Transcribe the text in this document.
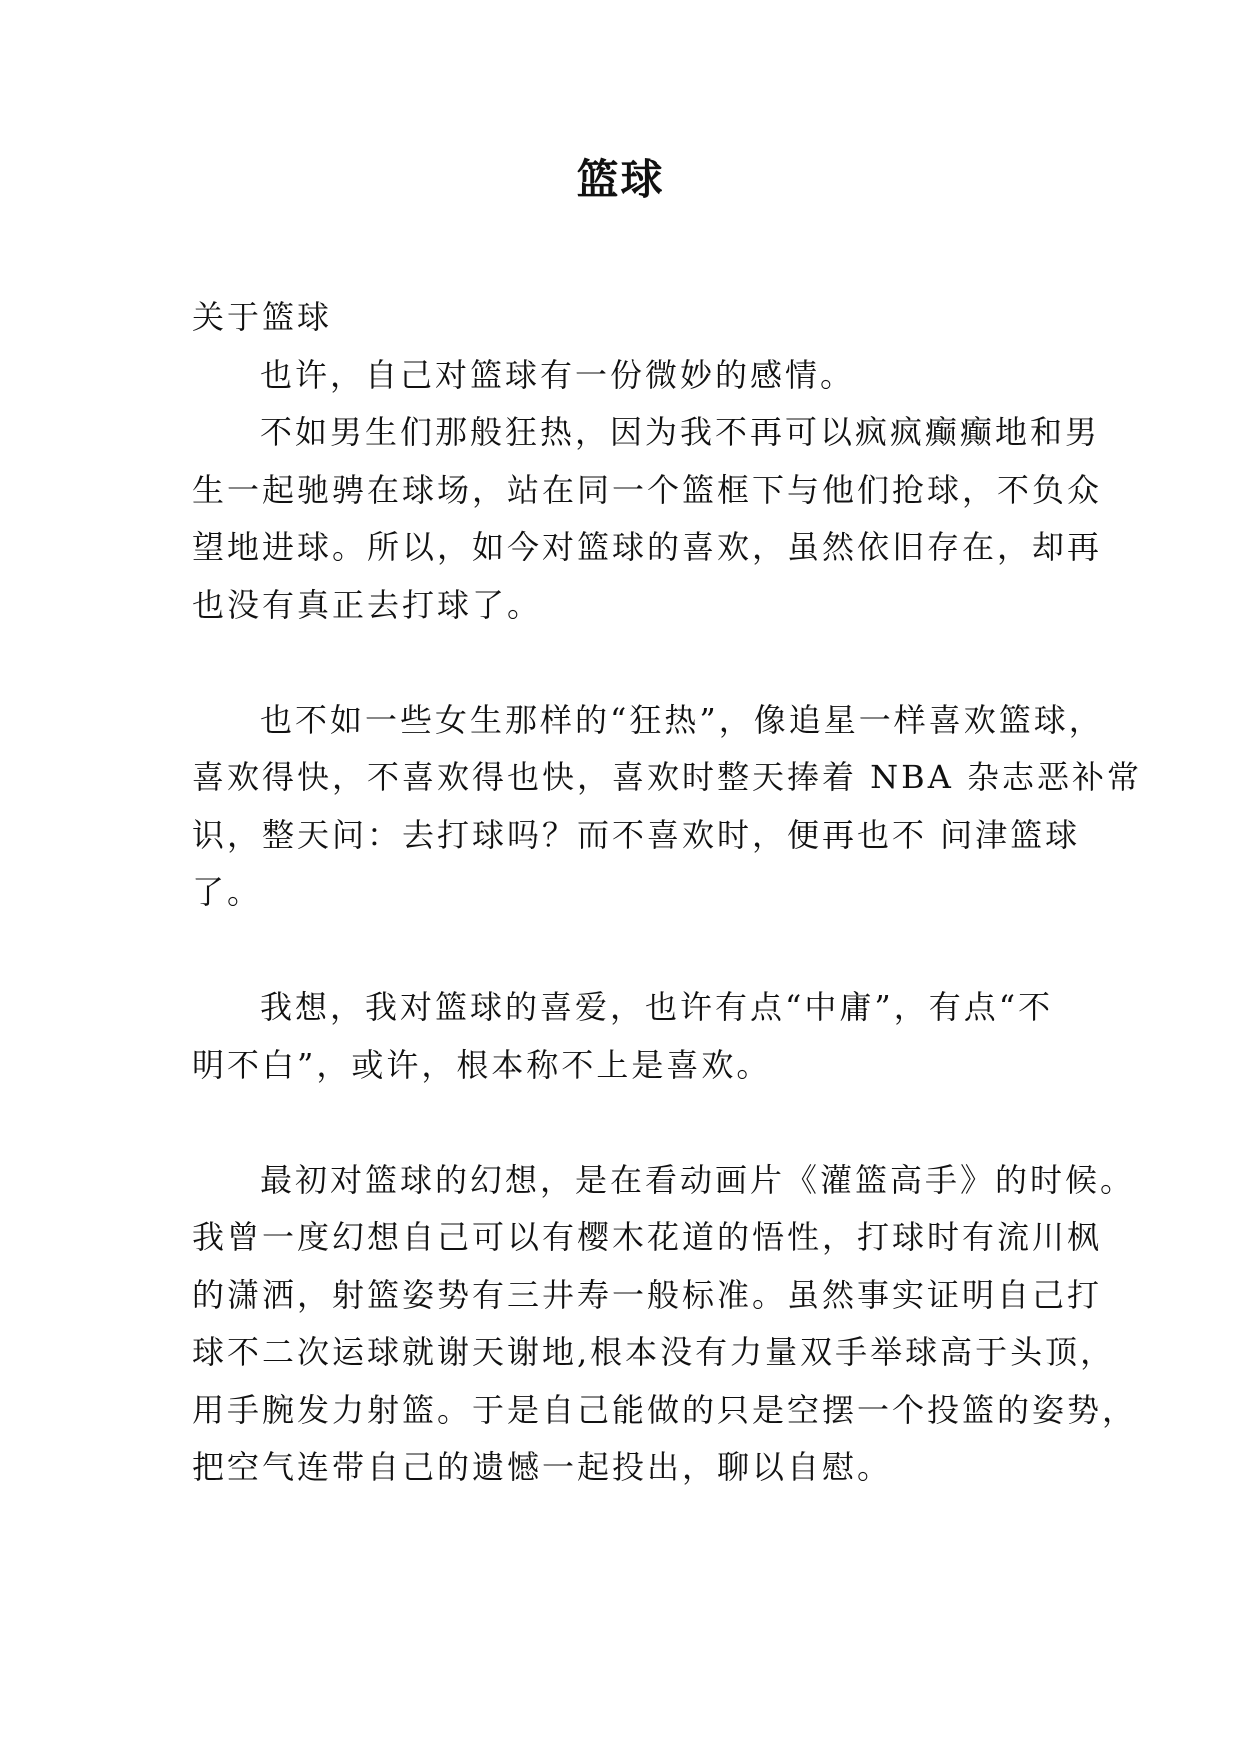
篮球
关于篮球
也许，自己对篮球有一份微妙的感情。
不如男生们那般狂热，因为我不再可以疯疯癫癫地和男
生一起驰骋在球场，站在同一个篮框下与他们抢球，不负众
望地进球。所以，如今对篮球的喜欢，虽然依旧存在，却再
也没有真正去打球了。
也不如一些女生那样的“狂热”，像追星一样喜欢篮球，
喜欢得快，不喜欢得也快，喜欢时整天捧着 NBA 杂志恶补常
识，整天问：去打球吗？而不喜欢时，便再也不 问津篮球
了。
我想，我对篮球的喜爱，也许有点“中庸”，有点“不
明不白”，或许，根本称不上是喜欢。
最初对篮球的幻想，是在看动画片《灌篮高手》的时候。
我曾一度幻想自己可以有樱木花道的悟性，打球时有流川枫
的潇洒，射篮姿势有三井寿一般标准。虽然事实证明自己打
球不二次运球就谢天谢地,根本没有力量双手举球高于头顶，
用手腕发力射篮。于是自己能做的只是空摆一个投篮的姿势，
把空气连带自己的遗憾一起投出，聊以自慰。
